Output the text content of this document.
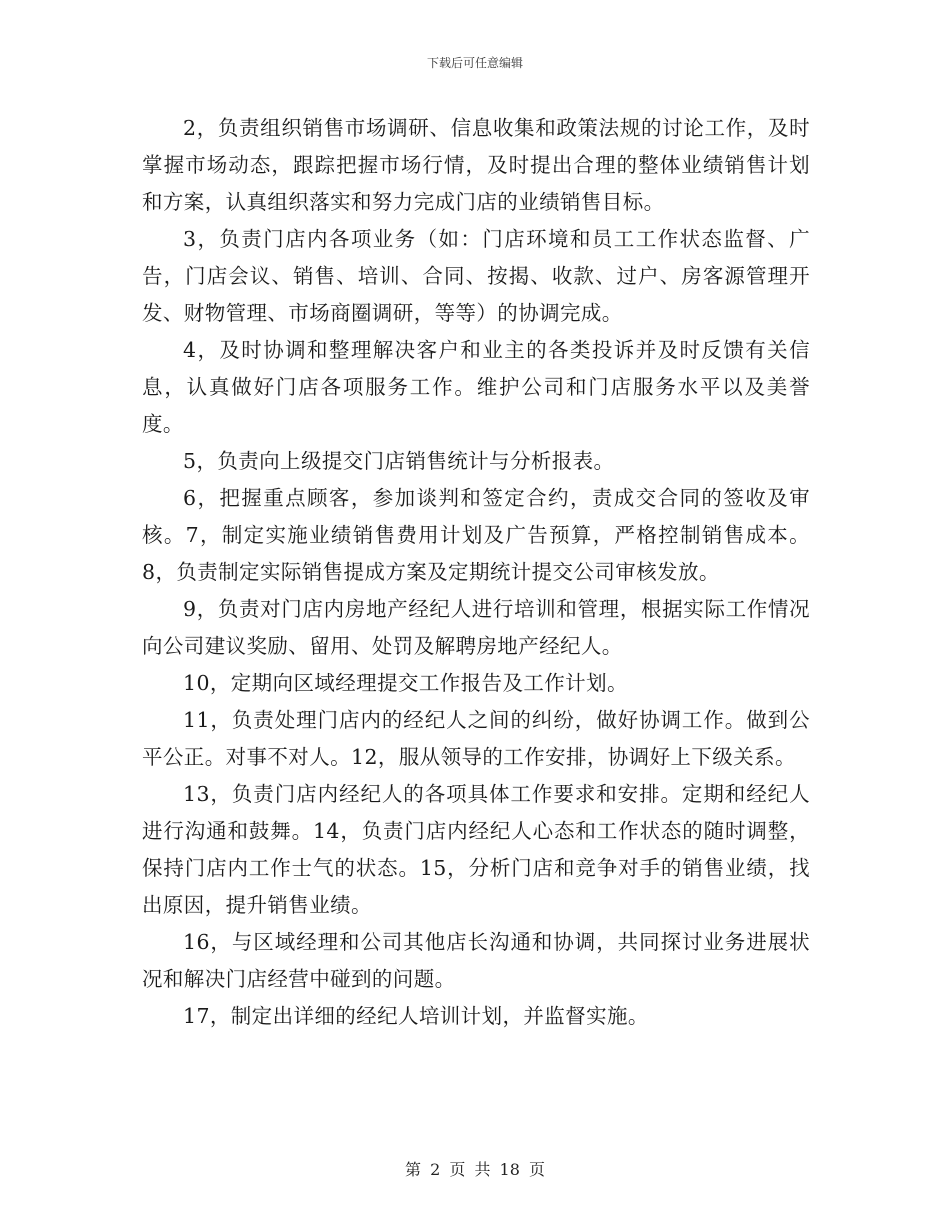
下载后可任意编辑

2，负责组织销售市场调研、信息收集和政策法规的讨论工作，及时掌握市场动态，跟踪把握市场行情，及时提出合理的整体业绩销售计划和方案，认真组织落实和努力完成门店的业绩销售目标。

3，负责门店内各项业务（如：门店环境和员工工作状态监督、广告，门店会议、销售、培训、合同、按揭、收款、过户、房客源管理开发、财物管理、市场商圈调研，等等）的协调完成。

4，及时协调和整理解决客户和业主的各类投诉并及时反馈有关信息，认真做好门店各项服务工作。维护公司和门店服务水平以及美誉度。

5，负责向上级提交门店销售统计与分析报表。

6，把握重点顾客，参加谈判和签定合约，责成交合同的签收及审核。7，制定实施业绩销售费用计划及广告预算，严格控制销售成本。8，负责制定实际销售提成方案及定期统计提交公司审核发放。

9，负责对门店内房地产经纪人进行培训和管理，根据实际工作情况向公司建议奖励、留用、处罚及解聘房地产经纪人。

10，定期向区域经理提交工作报告及工作计划。

11，负责处理门店内的经纪人之间的纠纷，做好协调工作。做到公平公正。对事不对人。12，服从领导的工作安排，协调好上下级关系。

13，负责门店内经纪人的各项具体工作要求和安排。定期和经纪人进行沟通和鼓舞。14，负责门店内经纪人心态和工作状态的随时调整，保持门店内工作士气的状态。15，分析门店和竞争对手的销售业绩，找出原因，提升销售业绩。

16，与区域经理和公司其他店长沟通和协调，共同探讨业务进展状况和解决门店经营中碰到的问题。

17，制定出详细的经纪人培训计划，并监督实施。

第 2 页 共 18 页
